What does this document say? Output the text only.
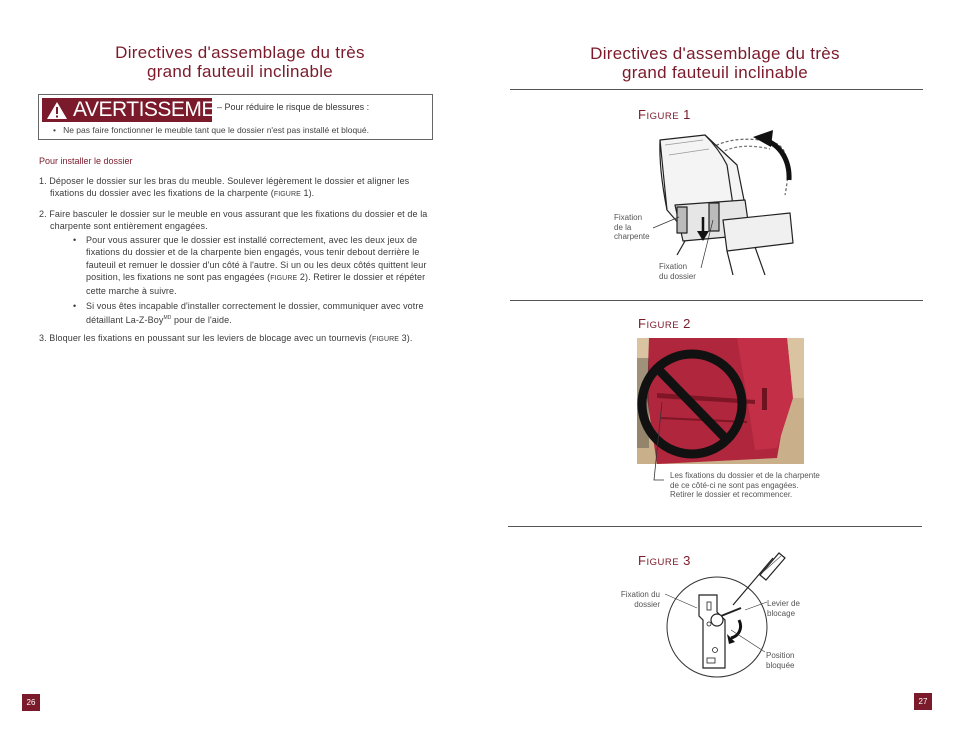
Directives d'assemblage du très
grand fauteuil inclinable
AVERTISSEMENT
– Pour réduire le risque de blessures :
•   Ne pas faire fonctionner le meuble tant que le dossier n'est pas installé et bloqué.
Pour installer le dossier
1. Déposer le dossier sur les bras du meuble. Soulever légèrement le dossier et aligner les
fixations du dossier avec les fixations de la charpente (FIGURE 1).
2. Faire basculer le dossier sur le meuble en vous assurant que les fixations du dossier et de la
charpente sont entièrement engagées.
• Pour vous assurer que le dossier est installé correctement, avec les deux jeux de
fixations du dossier et de la charpente bien engagés, vous tenir debout derrière le
fauteuil et remuer le dossier d'un côté à l'autre. Si un ou les deux côtés quittent leur
position, les fixations ne sont pas engagées (FIGURE 2). Retirer le dossier et répéter
cette marche à suivre.
• Si vous êtes incapable d'installer correctement le dossier, communiquer avec votre
détaillant La-Z-Boy$^{MD}$ pour de l'aide.
3. Bloquer les fixations en poussant sur les leviers de blocage avec un tournevis (FIGURE 3).
26
Directives d'assemblage du très
grand fauteuil inclinable
FIGURE 1
Fixation
de la
charpente
Fixation
du dossier
FIGURE 2
Les fixations du dossier et de la charpente
de ce côté-ci ne sont pas engagées.
Retirer le dossier et recommencer.
FIGURE 3
Fixation du
dossier	Levier de
blocage
Position
bloquée
27
